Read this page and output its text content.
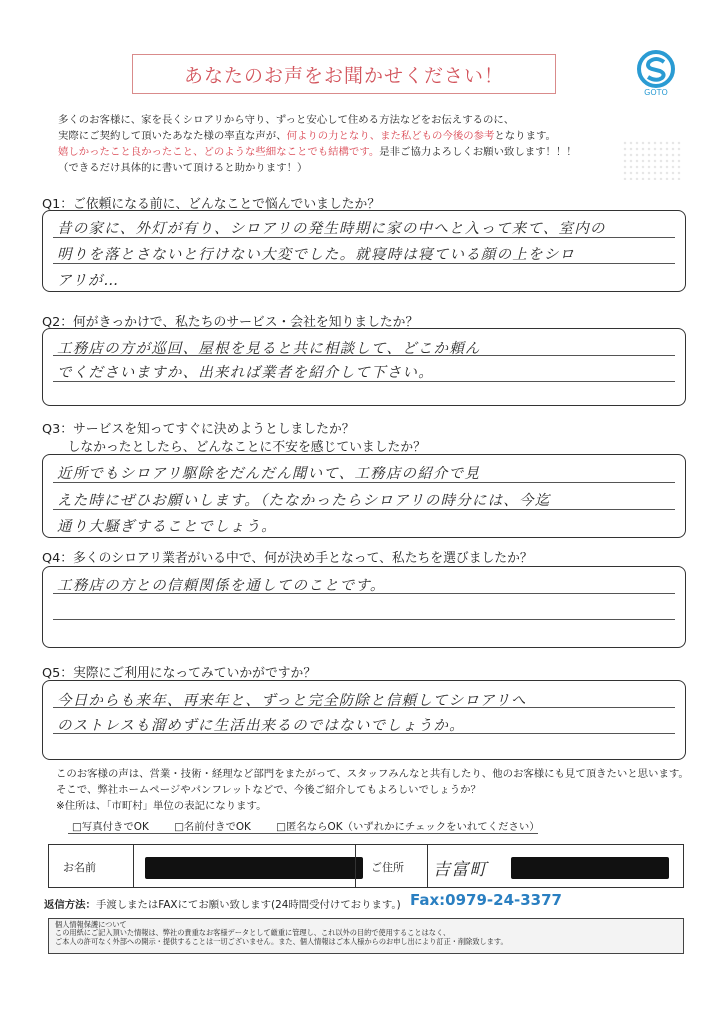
あなたのお声をお聞かせください！
GOTO
多くのお客様に、家を長くシロアリから守り、ずっと安心して住める方法などをお伝えするのに、
実際にご契約して頂いたあなた様の率直な声が、何よりの力となり、また私どもの今後の参考となります。
嬉しかったこと良かったこと、どのような些細なことでも結構です。是非ご協力よろしくお願い致します！！！
（できるだけ具体的に書いて頂けると助かります！）
Q1：ご依頼になる前に、どんなことで悩んでいましたか？
昔の家に、外灯が有り、シロアリの発生時期に家の中へと入って来て、室内の
明りを落とさないと行けない大変でした。就寝時は寝ている顔の上をシロ
アリが…
Q2：何がきっかけで、私たちのサービス・会社を知りましたか？
工務店の方が巡回、屋根を見ると共に相談して、どこか頼ん
でくださいますか、出来れば業者を紹介して下さい。
Q3：サービスを知ってすぐに決めようとしましたか？
　　しなかったとしたら、どんなことに不安を感じていましたか？
近所でもシロアリ駆除をだんだん聞いて、工務店の紹介で見
えた時にぜひお願いします。（たなかったらシロアリの時分には、今迄
通り大騒ぎすることでしょう。
Q4：多くのシロアリ業者がいる中で、何が決め手となって、私たちを選びましたか？
工務店の方との信頼関係を通してのことです。
Q5：実際にご利用になってみていかがですか？
今日からも来年、再来年と、ずっと完全防除と信頼してシロアリへ
のストレスも溜めずに生活出来るのではないでしょうか。
このお客様の声は、営業・技術・経理など部門をまたがって、スタッフみんなと共有したり、他のお客様にも見て頂きたいと思います。
そこで、弊社ホームページやパンフレットなどで、今後ご紹介してもよろしいでしょうか？
※住所は、「市町村」単位の表記になります。
□写真付きでOK □名前付きでOK □匿名ならOK（いずれかにチェックをいれてください）
お名前	ご住所 吉富町
返信方法：手渡しまたはFAXにてお願い致します(24時間受付けております。) Fax:0979-24-3377
個人情報保護について
この用紙にご記入頂いた情報は、弊社の貴重なお客様データとして厳重に管理し、これ以外の目的で使用することはなく、
ご本人の許可なく外部への開示・提供することは一切ございません。また、個人情報はご本人様からのお申し出により訂正・削除致します。
